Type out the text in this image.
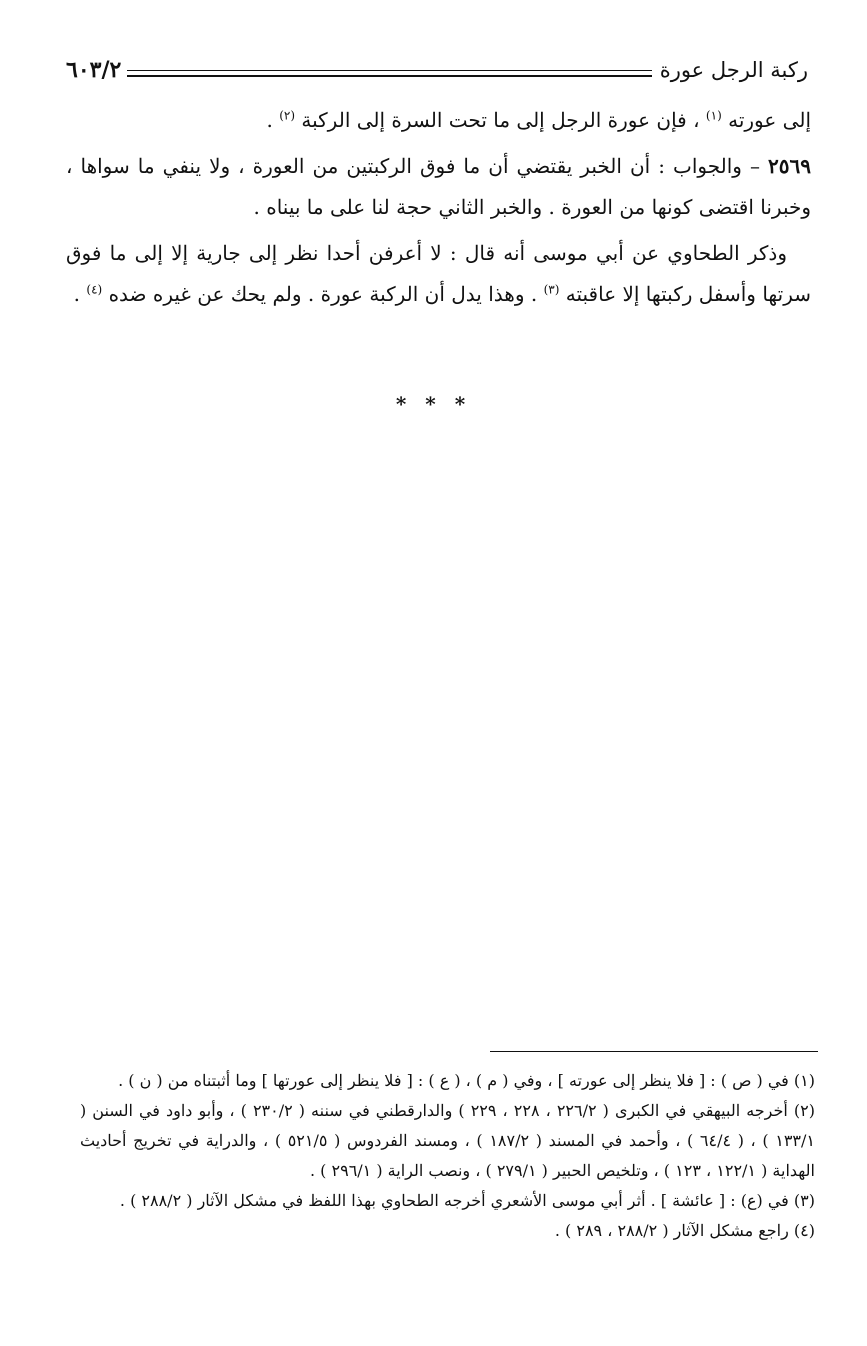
ركبة الرجل عورة
٦٠٣/٢

إلى عورته $^{(١)}$ ، فإن عورة الرجل إلى ما تحت السرة إلى الركبة $^{(٢)}$ .

٢٥٦٩ – والجواب : أن الخبر يقتضي أن ما فوق الركبتين من العورة ، ولا ينفي ما سواها ، وخبرنا اقتضى كونها من العورة . والخبر الثاني حجة لنا على ما بيناه .

وذكر الطحاوي عن أبي موسى أنه قال : لا أعرفن أحدا نظر إلى جارية إلا إلى ما فوق سرتها وأسفل ركبتها إلا عاقبته $^{(٣)}$ . وهذا يدل أن الركبة عورة . ولم يحك عن غيره ضده $^{(٤)}$ .

* * *

(١) في ( ص ) : [ فلا ينظر إلى عورته ] ، وفي ( م ) ، ( ع ) : [ فلا ينظر إلى عورتها ] وما أثبتناه من ( ن ) .

(٢) أخرجه البيهقي في الكبرى ( ٢٢٦/٢ ، ٢٢٨ ، ٢٢٩ ) والدارقطني في سننه ( ٢٣٠/٢ ) ، وأبو داود في السنن ( ١٣٣/١ ) ، ( ٦٤/٤ ) ، وأحمد في المسند ( ١٨٧/٢ ) ، ومسند الفردوس ( ٥٢١/٥ ) ، والدراية في تخريج أحاديث الهداية ( ١٢٢/١ ، ١٢٣ ) ، وتلخيص الحبير ( ٢٧٩/١ ) ، ونصب الراية ( ٢٩٦/١ ) .

(٣) في (ع) : [ عائشة ] . أثر أبي موسى الأشعري أخرجه الطحاوي بهذا اللفظ في مشكل الآثار ( ٢٨٨/٢ ) .

(٤) راجع مشكل الآثار ( ٢٨٨/٢ ، ٢٨٩ ) .
